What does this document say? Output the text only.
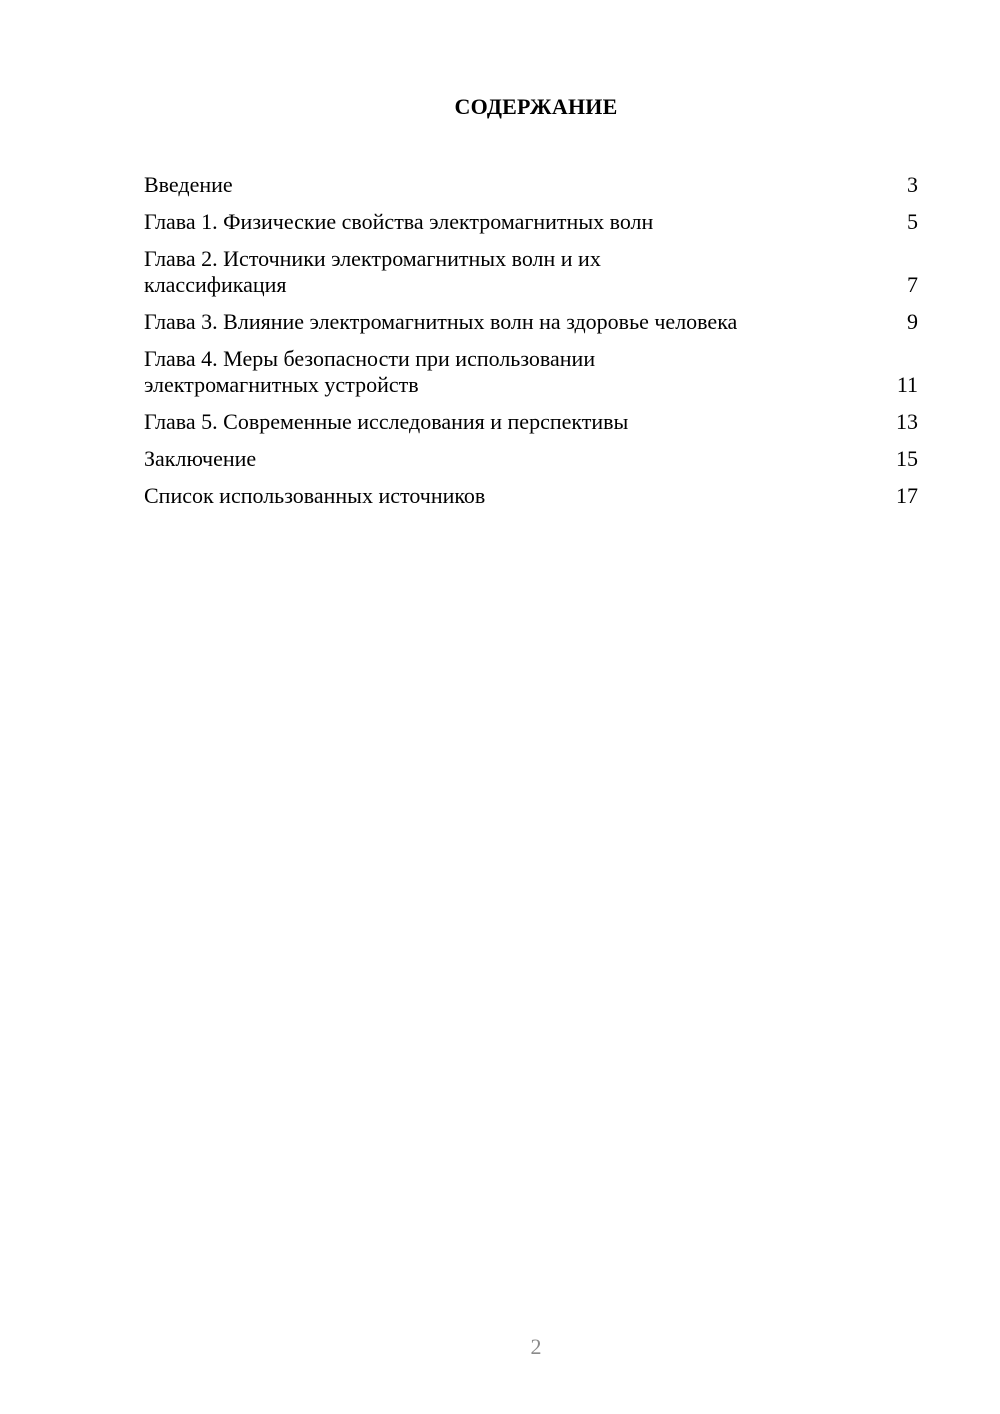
СОДЕРЖАНИЕ
Введение	3
Глава 1. Физические свойства электромагнитных волн	5
Глава 2. Источники электромагнитных волн и их классификация	7
Глава 3. Влияние электромагнитных волн на здоровье человека	9
Глава 4. Меры безопасности при использовании электромагнитных устройств	11
Глава 5. Современные исследования и перспективы	13
Заключение	15
Список использованных источников	17
2
